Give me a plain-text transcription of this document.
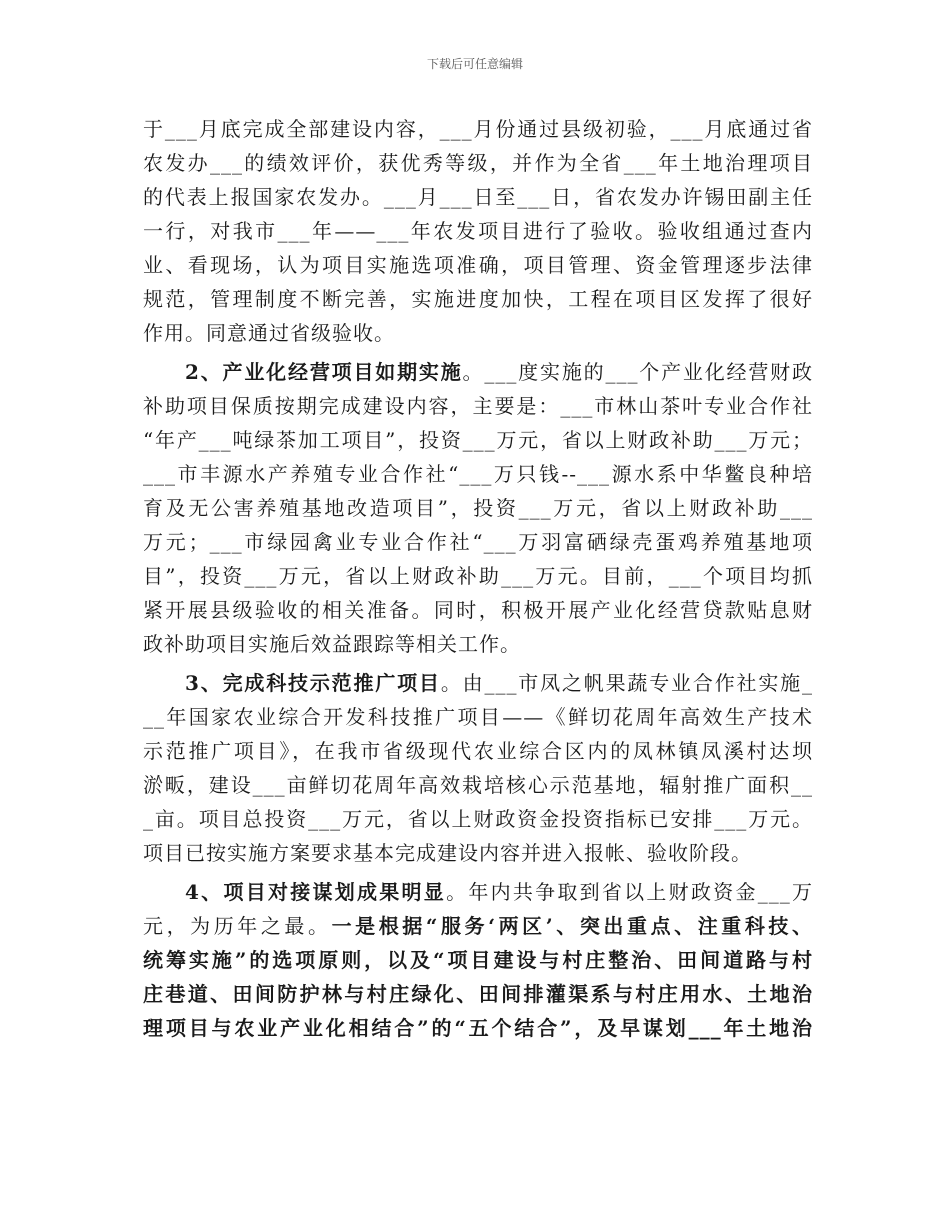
下载后可任意编辑
于___月底完成全部建设内容，___月份通过县级初验，___月底通过省
农发办___的绩效评价，获优秀等级，并作为全省___年土地治理项目
的代表上报国家农发办。___月___日至___日，省农发办许锡田副主任
一行，对我市___年——___年农发项目进行了验收。验收组通过查内
业、看现场，认为项目实施选项准确，项目管理、资金管理逐步法律
规范，管理制度不断完善，实施进度加快，工程在项目区发挥了很好
作用。同意通过省级验收。
2、产业化经营项目如期实施。___度实施的___个产业化经营财政
补助项目保质按期完成建设内容，主要是：___市林山茶叶专业合作社
“年产___吨绿茶加工项目”，投资___万元，省以上财政补助___万元；
___市丰源水产养殖专业合作社“___万只钱--___源水系中华鳖良种培
育及无公害养殖基地改造项目”，投资___万元，省以上财政补助___
万元；___市绿园禽业专业合作社“___万羽富硒绿壳蛋鸡养殖基地项
目”，投资___万元，省以上财政补助___万元。目前，___个项目均抓
紧开展县级验收的相关准备。同时，积极开展产业化经营贷款贴息财
政补助项目实施后效益跟踪等相关工作。
3、完成科技示范推广项目。由___市凤之帆果蔬专业合作社实施_
__年国家农业综合开发科技推广项目——《鲜切花周年高效生产技术
示范推广项目》，在我市省级现代农业综合区内的凤林镇凤溪村达坝
淤畈，建设___亩鲜切花周年高效栽培核心示范基地，辐射推广面积__
_亩。项目总投资___万元，省以上财政资金投资指标已安排___万元。
项目已按实施方案要求基本完成建设内容并进入报帐、验收阶段。
4、项目对接谋划成果明显。年内共争取到省以上财政资金___万
元，为历年之最。一是根据“服务‘两区’、突出重点、注重科技、
统筹实施”的选项原则，以及“项目建设与村庄整治、田间道路与村
庄巷道、田间防护林与村庄绿化、田间排灌渠系与村庄用水、土地治
理项目与农业产业化相结合”的“五个结合”，及早谋划___年土地治
